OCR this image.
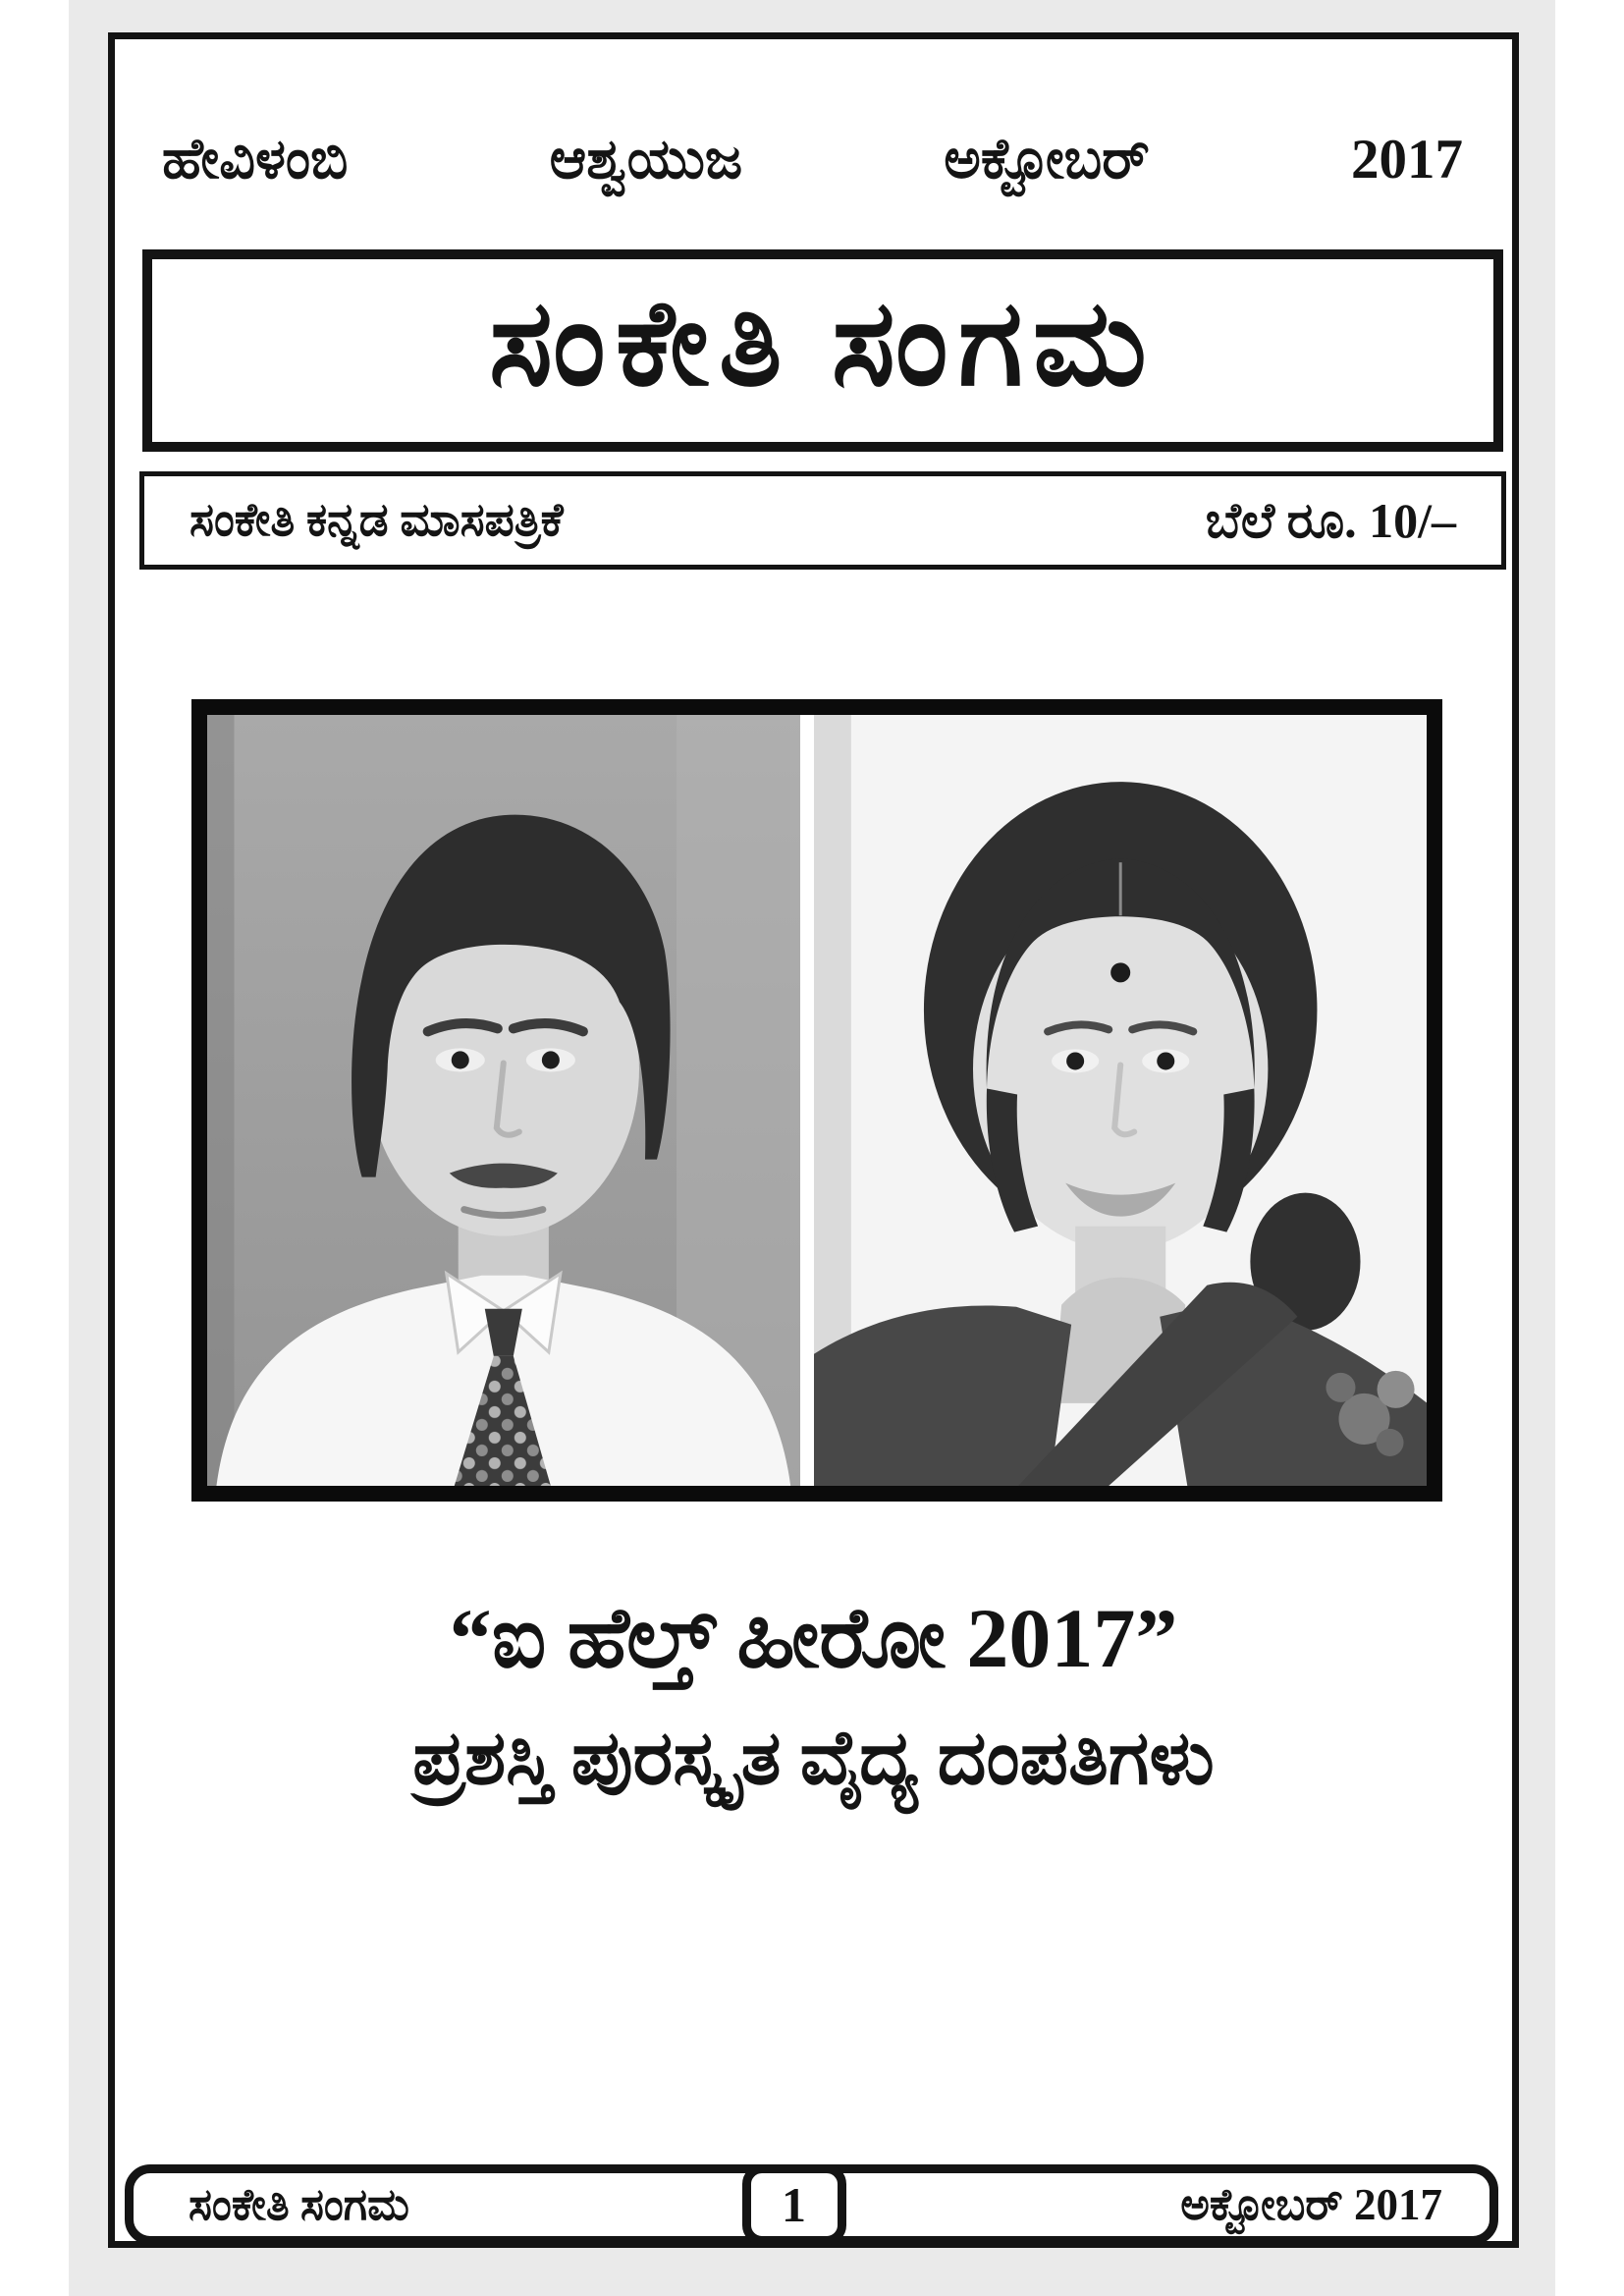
ಹೇವಿಳಂಬಿ	ಆಶ್ವಯುಜ	ಅಕ್ಟೋಬರ್	2017
ಸಂಕೇತಿ ಸಂಗಮ
ಸಂಕೇತಿ ಕನ್ನಡ ಮಾಸಪತ್ರಿಕೆ	ಬೆಲೆ ರೂ. 10/–
“ಐ ಹೆಲ್ತ್ ಹೀರೋ 2017”
ಪ್ರಶಸ್ತಿ ಪುರಸ್ಕೃತ ವೈದ್ಯ ದಂಪತಿಗಳು
ಸಂಕೇತಿ ಸಂಗಮ	1	ಅಕ್ಟೋಬರ್ 2017
